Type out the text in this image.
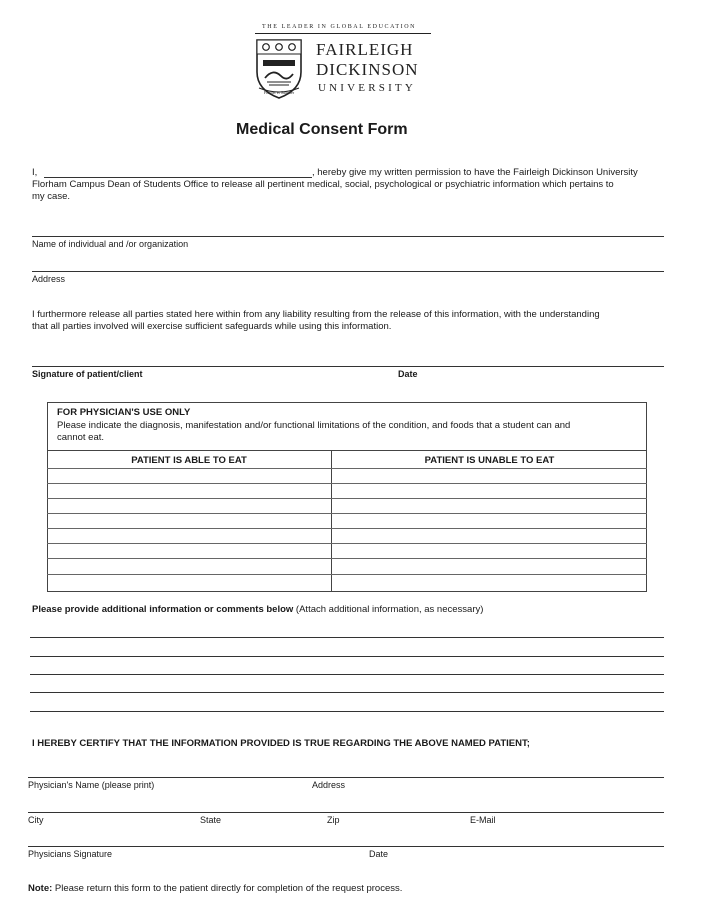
THE LEADER IN GLOBAL EDUCATION
Fortiter et Suaviter
FAIRLEIGH
DICKINSON
UNIVERSITY
Medical Consent Form
I,	, hereby give my written permission to have the Fairleigh Dickinson University
Florham Campus Dean of Students Office to release all pertinent medical, social, psychological or psychiatric information which pertains to
my case.
Name of individual and /or organization
Address
I furthermore release all parties stated here within from any liability resulting from the release of this information, with the understanding
that all parties involved will exercise sufficient safeguards while using this information.
Signature of patient/client	Date
FOR PHYSICIAN'S USE ONLY
Please indicate the diagnosis, manifestation and/or functional limitations of the condition, and foods that a student can and
cannot eat.
PATIENT IS ABLE TO EAT	PATIENT IS UNABLE TO EAT
Please provide additional information or comments below (Attach additional information, as necessary)
I HEREBY CERTIFY THAT THE INFORMATION PROVIDED IS TRUE REGARDING THE ABOVE NAMED PATIENT;
Physician's Name (please print)	Address
City	State	Zip	E-Mail
Physicians Signature	Date
Note: Please return this form to the patient directly for completion of the request process.
